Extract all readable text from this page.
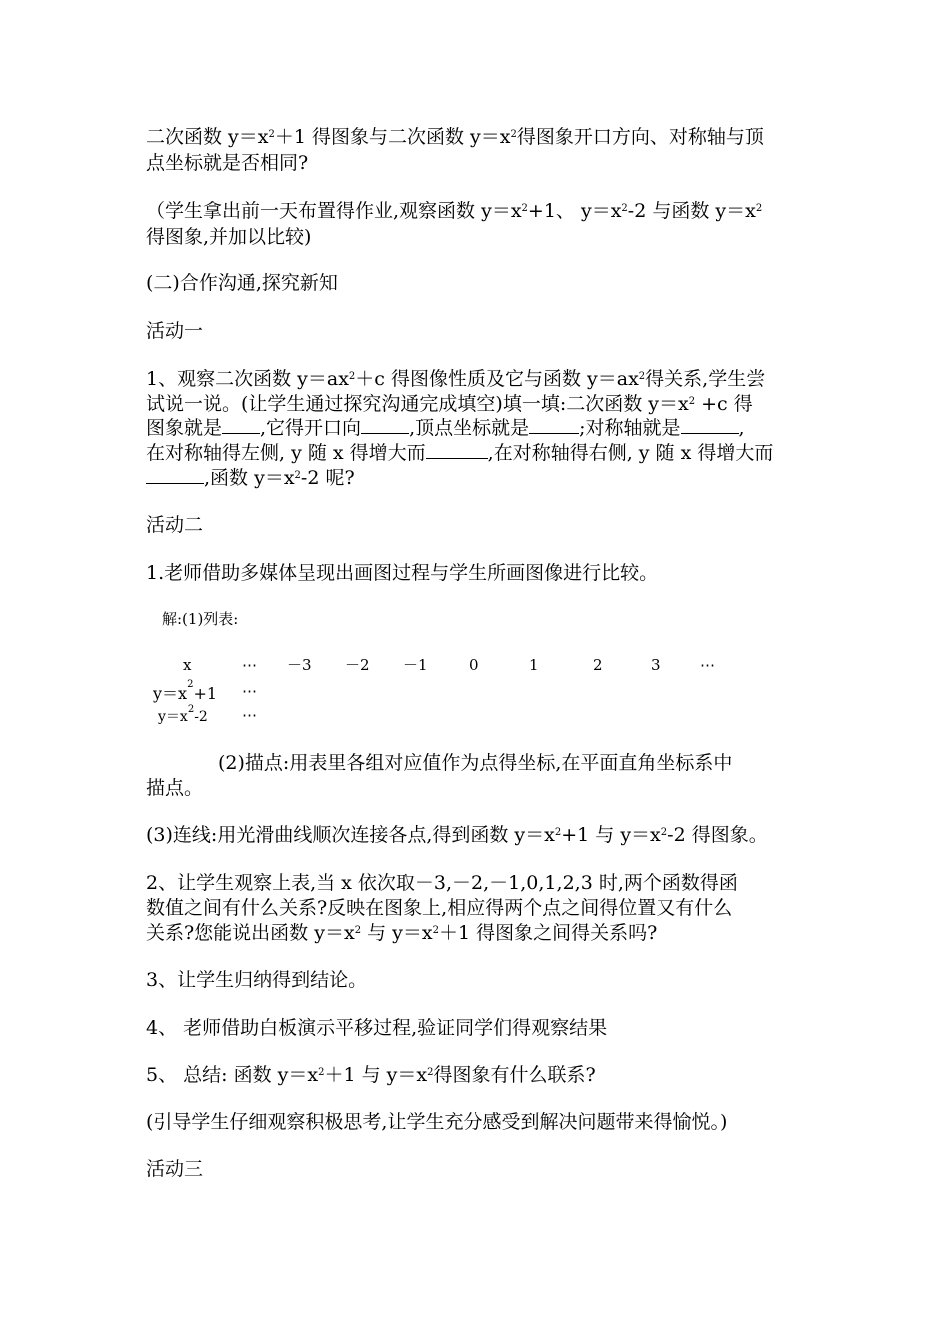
二次函数 $y=x^2+1$ 得图象与二次函数 $y=x^2$得图象开口方向、对称轴与顶
点坐标就是否相同?
（学生拿出前一天布置得作业,观察函数 $y=x^2+1$、 $y=x^2-2$ 与函数 $y=x^2$
得图象,并加以比较)
(二)合作沟通,探究新知
活动一
1、观察二次函数 $y=ax^2+c$ 得图像性质及它与函数 $y=ax^2$得关系,学生尝
试说一说。(让学生通过探究沟通完成填空)填一填:二次函数 $y=x^2 +c$ 得
图象就是 ,它得开口向	,顶点坐标就是	;对称轴就是	,
在对称轴得左侧, y 随 x 得增大而	,在对称轴得右侧, y 随 x 得增大而
,函数 $y=x^2-2$ 呢?
活动二
1.老师借助多媒体呈现出画图过程与学生所画图像进行比较。
解:(1)列表:
x	⋯ －3 －2 －1	0	1	2	3	⋯
$y=x^2+1$ ⋯
$y=x^2-2$ ⋯
(2)描点:用表里各组对应值作为点得坐标,在平面直角坐标系中
描点。
(3)连线:用光滑曲线顺次连接各点,得到函数 $y=x^2+1$ 与 $y=x^2-2$ 得图象。
2、让学生观察上表,当 x 依次取－3,－2,－1,0,1,2,3 时,两个函数得函
数值之间有什么关系?反映在图象上,相应得两个点之间得位置又有什么
关系?您能说出函数 $y=x^2$ 与 $y=x^2+1$ 得图象之间得关系吗?
3、让学生归纳得到结论。
4、 老师借助白板演示平移过程,验证同学们得观察结果
5、 总结: 函数 $y=x^2+1$ 与 $y=x^2$得图象有什么联系?
(引导学生仔细观察积极思考,让学生充分感受到解决问题带来得愉悦。)
活动三
